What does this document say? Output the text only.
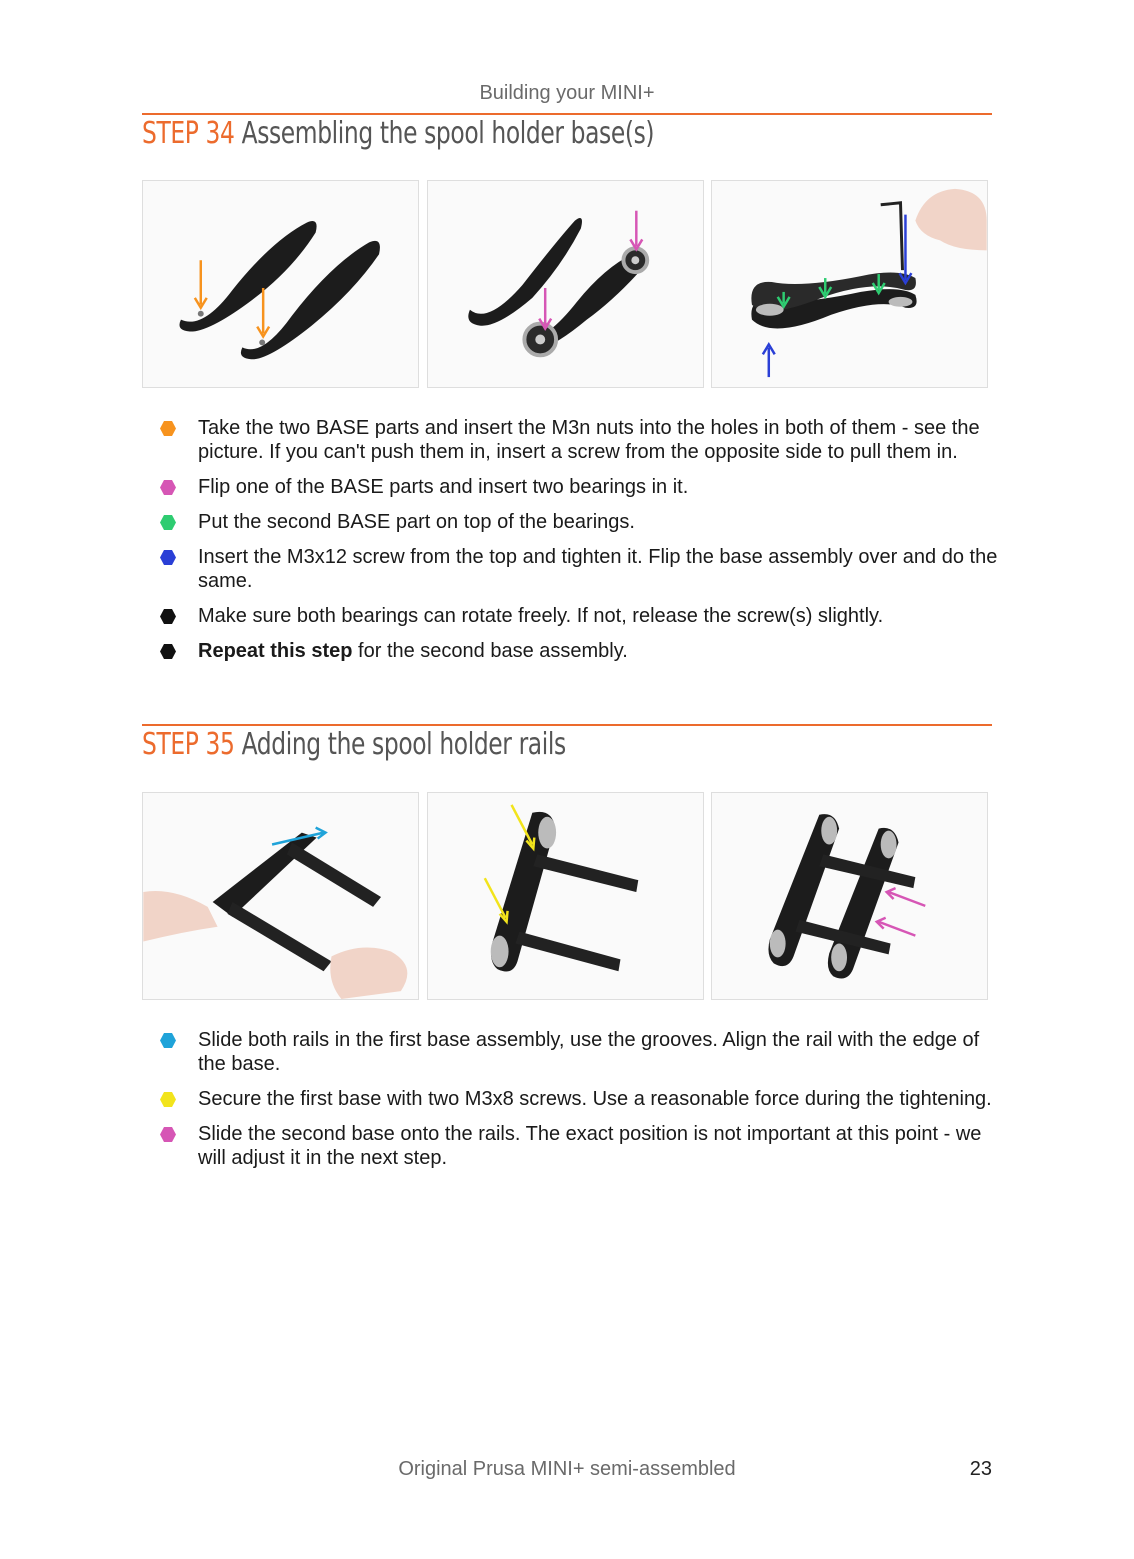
Building your MINI+
STEP 34 Assembling the spool holder base(s)
Take the two BASE parts and insert the M3n nuts into the holes in both of them - see the picture. If you can't push them in, insert a screw from the opposite side to pull them in.
Flip one of the BASE parts and insert two bearings in it.
Put the second BASE part on top of the bearings.
Insert the M3x12 screw from the top and tighten it. Flip the base assembly over and do the same.
Make sure both bearings can rotate freely. If not, release the screw(s) slightly.
Repeat this step for the second base assembly.
STEP 35 Adding the spool holder rails
Slide both rails in the first base assembly, use the grooves. Align the rail with the edge of the base.
Secure the first base with two M3x8 screws. Use a reasonable force during the tightening.
Slide the second base onto the rails. The exact position is not important at this point - we will adjust it in the next step.
Original Prusa MINI+ semi-assembled	23
